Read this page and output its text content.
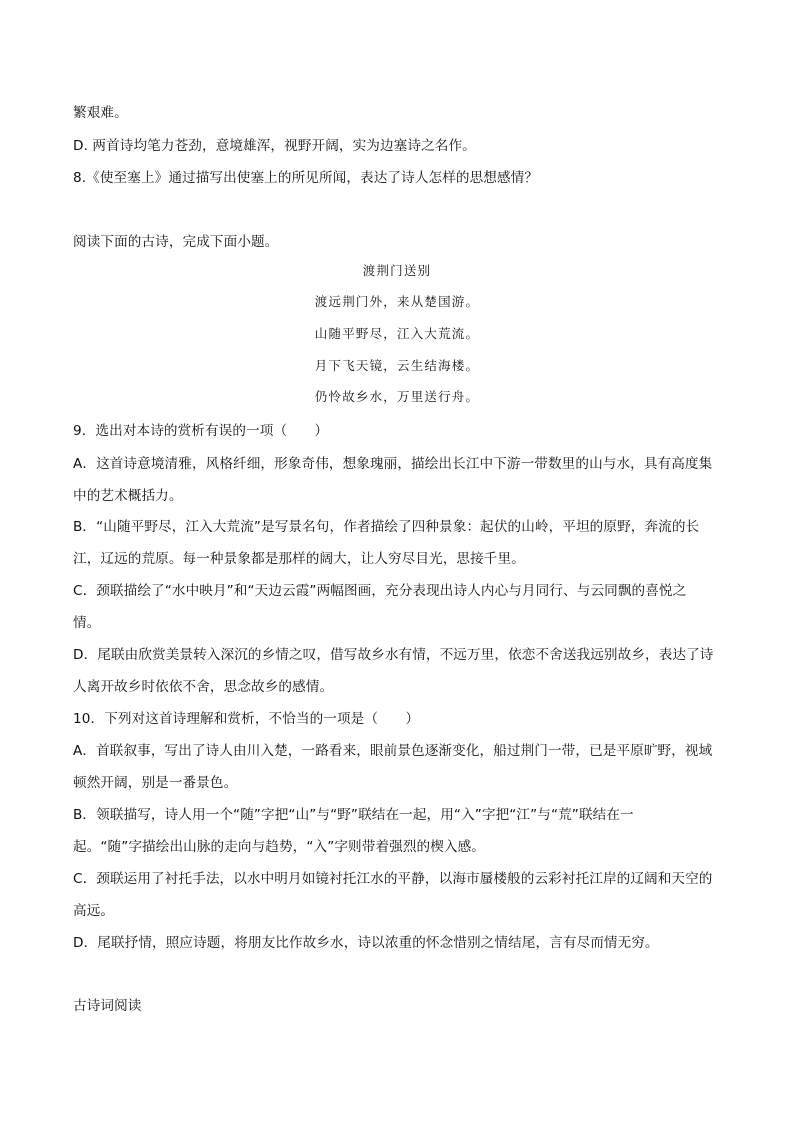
繁艰难。
D. 两首诗均笔力苍劲，意境雄浑，视野开阔，实为边塞诗之名作。
8.《使至塞上》通过描写出使塞上的所见所闻，表达了诗人怎样的思想感情？
阅读下面的古诗，完成下面小题。
渡荆门送别
渡远荆门外，来从楚国游。
山随平野尽，江入大荒流。
月下飞天镜，云生结海楼。
仍怜故乡水，万里送行舟。
9．选出对本诗的赏析有误的一项（　　）
A．这首诗意境清雅，风格纤细，形象奇伟，想象瑰丽，描绘出长江中下游一带数里的山与水，具有高度集
中的艺术概括力。
B．“山随平野尽，江入大荒流”是写景名句，作者描绘了四种景象：起伏的山岭，平坦的原野，奔流的长
江，辽远的荒原。每一种景象都是那样的阔大，让人穷尽目光，思接千里。
C．颈联描绘了“水中映月”和“天边云霞”两幅图画，充分表现出诗人内心与月同行、与云同飘的喜悦之
情。
D．尾联由欣赏美景转入深沉的乡情之叹，借写故乡水有情，不远万里，依恋不舍送我远别故乡，表达了诗
人离开故乡时依依不舍，思念故乡的感情。
10．下列对这首诗理解和赏析，不恰当的一项是（　　）
A．首联叙事，写出了诗人由川入楚，一路看来，眼前景色逐渐变化，船过荆门一带，已是平原旷野，视域
顿然开阔，别是一番景色。
B．领联描写，诗人用一个“随”字把“山”与“野”联结在一起，用“入”字把“江”与“荒”联结在一
起。“随”字描绘出山脉的走向与趋势，“入”字则带着强烈的楔入感。
C．颈联运用了衬托手法，以水中明月如镜衬托江水的平静，以海市蜃楼般的云彩衬托江岸的辽阔和天空的
高远。
D．尾联抒情，照应诗题，将朋友比作故乡水，诗以浓重的怀念惜别之情结尾，言有尽而情无穷。
古诗词阅读
